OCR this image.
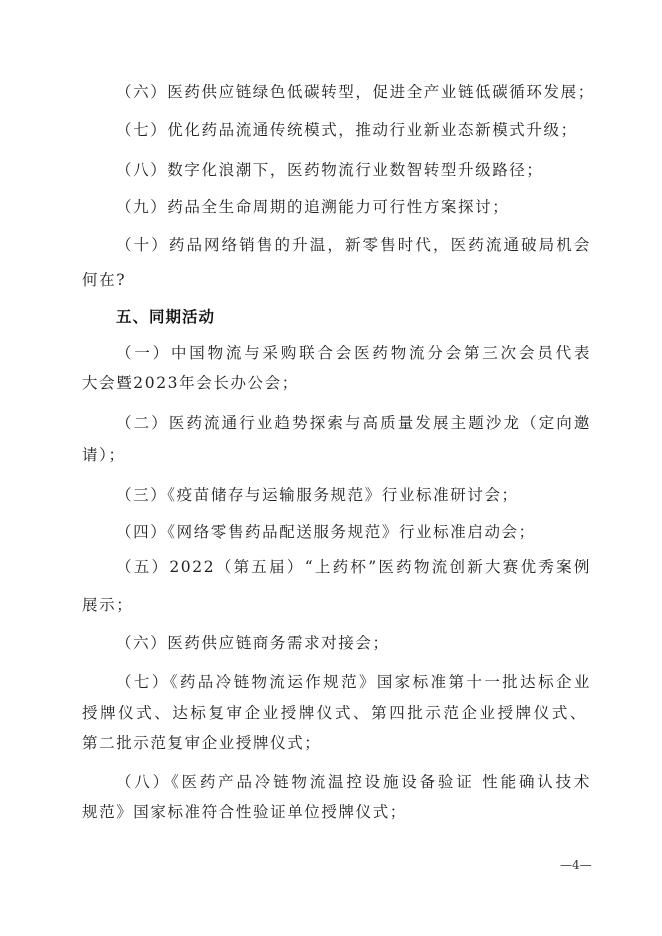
（六）医药供应链绿色低碳转型，促进全产业链低碳循环发展；
（七）优化药品流通传统模式，推动行业新业态新模式升级；
（八）数字化浪潮下，医药物流行业数智转型升级路径；
（九）药品全生命周期的追溯能力可行性方案探讨；
（十）药品网络销售的升温，新零售时代，医药流通破局机会
何在?
五、同期活动
（一）中国物流与采购联合会医药物流分会第三次会员代表
大会暨2023年会长办公会；
（二）医药流通行业趋势探索与高质量发展主题沙龙（定向邀
请）；
（三）《疫苗储存与运输服务规范》行业标准研讨会；
（四）《网络零售药品配送服务规范》行业标准启动会；
（五）2022（第五届）“上药杯”医药物流创新大赛优秀案例
展示；
（六）医药供应链商务需求对接会；
（七）《药品冷链物流运作规范》国家标准第十一批达标企业
授牌仪式、达标复审企业授牌仪式、第四批示范企业授牌仪式、
第二批示范复审企业授牌仪式；
（八）《医药产品冷链物流温控设施设备验证 性能确认技术
规范》国家标准符合性验证单位授牌仪式；
—4—
